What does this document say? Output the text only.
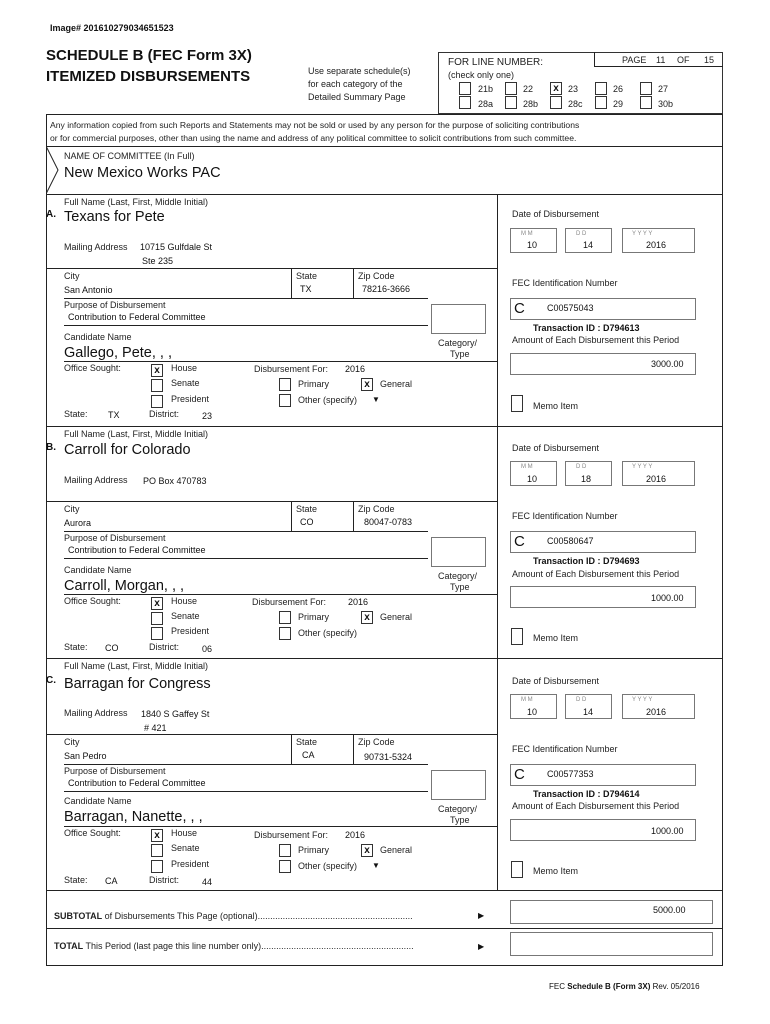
Image# 201610279034651523
SCHEDULE B (FEC Form 3X)
ITEMIZED DISBURSEMENTS	Use separate schedule(s)
for each category of the
Detailed Summary Page
FOR LINE NUMBER:
(check only one)
PAGE 11 OF 15
21b	22	x	23	26	27
28a	28b	28c	29	30b
Any information copied from such Reports and Statements may not be sold or used by any person for the purpose of soliciting contributions
or for commercial purposes, other than using the name and address of any political committee to solicit contributions from such committee.
NAME OF COMMITTEE (In Full)
New Mexico Works PAC
Full Name (Last, First, Middle Initial)
A. Texans for Pete
Mailing Address 10715 Gulfdale St
Ste 235
City
San Antonio
State
TX
Zip Code
78216-3666
Purpose of Disbursement
Contribution to Federal Committee
Candidate Name
Gallego, Pete, , ,
Category/
Type
Office Sought:	x	House
Senate
President
State: TX	District:	23
Disbursement For: 2016
Primary	x	General
Other (specify) ▼
Date of Disbursement
M M
10
D D
14
Y Y Y Y
2016
FEC Identification Number
C C00575043
Transaction ID : D794613
Amount of Each Disbursement this Period
3000.00
Memo Item
Full Name (Last, First, Middle Initial)
B. Carroll for Colorado
Mailing Address PO Box 470783
City
Aurora
State
CO
Zip Code
80047-0783
Purpose of Disbursement
Contribution to Federal Committee
Candidate Name
Carroll, Morgan, , ,
Category/
Type
Office Sought:	x	House
Senate
President
State: CO	District:	06
Disbursement For: 2016
Primary	x	General
Other (specify)
Date of Disbursement
M M
10
D D
18
Y Y Y Y
2016
FEC Identification Number
C C00580647
Transaction ID : D794693
Amount of Each Disbursement this Period
1000.00
Memo Item
Full Name (Last, First, Middle Initial)
C. Barragan for Congress
Mailing Address 1840 S Gaffey St
# 421
City
San Pedro
State
CA
Zip Code
90731-5324
Purpose of Disbursement
Contribution to Federal Committee
Candidate Name
Barragan, Nanette, , ,	Category/
Type
Office Sought:	x	House
Senate
President
State: CA	District:	44
Disbursement For: 2016
Primary	x	General
Other (specify) ▼
Date of Disbursement
M M
10
D D
14
Y Y Y Y
2016
FEC Identification Number
C C00577353
Transaction ID : D794614
Amount of Each Disbursement this Period
1000.00
Memo Item
SUBTOTAL of Disbursements This Page (optional)..............................................................	▶
5000.00
TOTAL This Period (last page this line number only).............................................................	▶
FEC Schedule B (Form 3X) Rev. 05/2016
